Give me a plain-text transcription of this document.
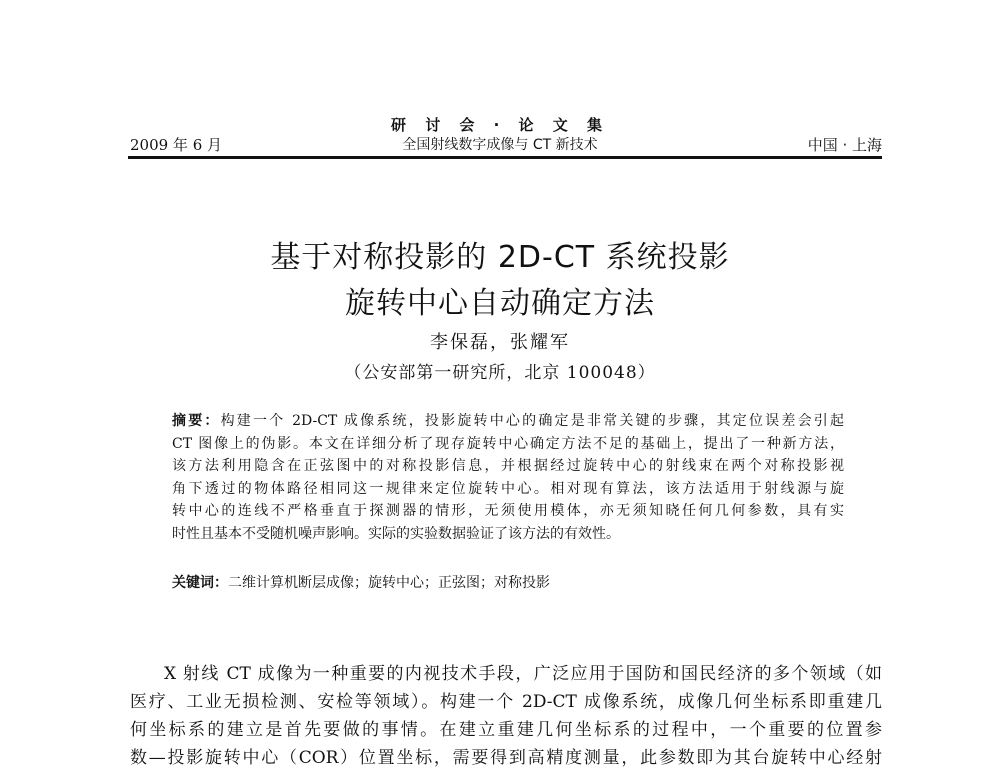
研 讨 会 · 论 文 集
2009 年 6 月	全国射线数字成像与 CT 新技术	中国 · 上海
基于对称投影的 2D-CT 系统投影
旋转中心自动确定方法
李保磊，张耀军
（公安部第一研究所，北京 100048）
摘要：构建一个 2D-CT 成像系统，投影旋转中心的确定是非常关键的步骤，其定位误差会引起
CT 图像上的伪影。本文在详细分析了现存旋转中心确定方法不足的基础上，提出了一种新方法，
该方法利用隐含在正弦图中的对称投影信息，并根据经过旋转中心的射线束在两个对称投影视
角下透过的物体路径相同这一规律来定位旋转中心。相对现有算法，该方法适用于射线源与旋
转中心的连线不严格垂直于探测器的情形，无须使用模体，亦无须知晓任何几何参数，具有实
时性且基本不受随机噪声影响。实际的实验数据验证了该方法的有效性。
关键词：二维计算机断层成像；旋转中心；正弦图；对称投影
X 射线 CT 成像为一种重要的内视技术手段，广泛应用于国防和国民经济的多个领域（如
医疗、工业无损检测、安检等领域）。构建一个 2D-CT 成像系统，成像几何坐标系即重建几
何坐标系的建立是首先要做的事情。在建立重建几何坐标系的过程中，一个重要的位置参
数—投影旋转中心（COR）位置坐标，需要得到高精度测量，此参数即为其台旋转中心经射
